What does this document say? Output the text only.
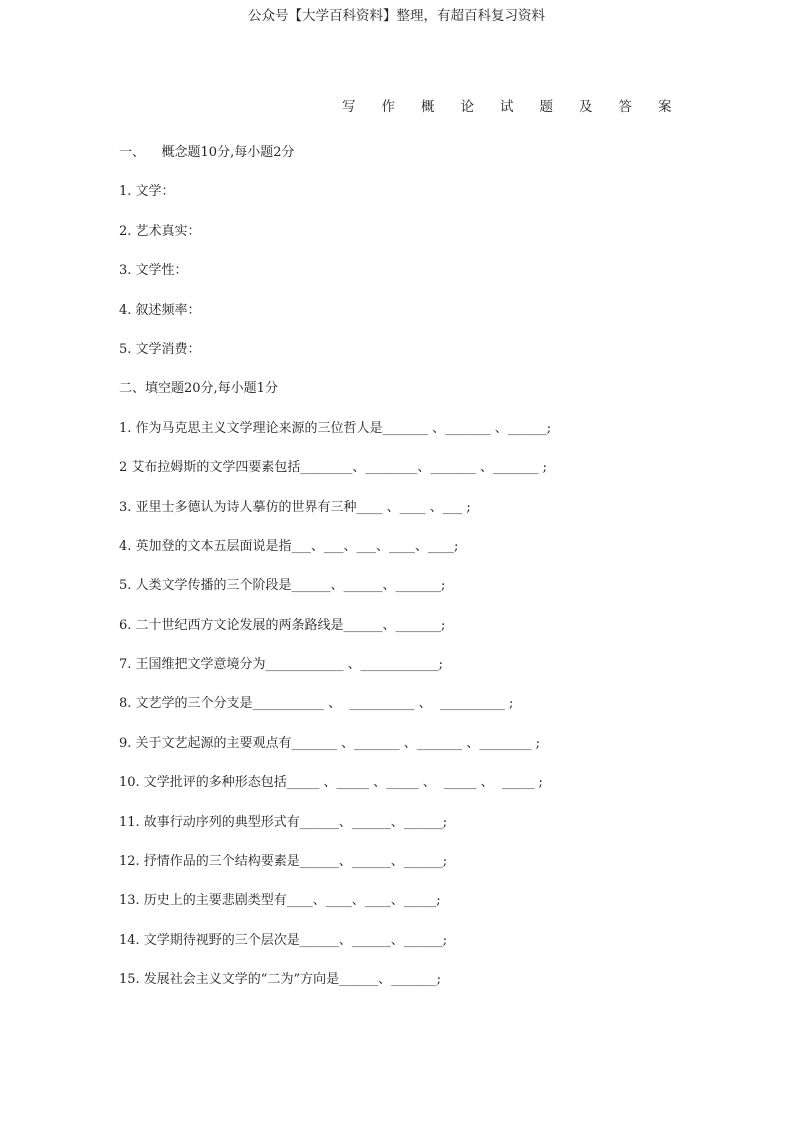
公众号【大学百科资料】整理，有超百科复习资料
写作概论试题及答案
一、    概念题10分,每小题2分
1. 文学：
2. 艺术真实：
3. 文学性：
4. 叙述频率：
5. 文学消费：
二、填空题20分,每小题1分
1. 作为马克思主义文学理论来源的三位哲人是_______ 、_______ 、______;
2 艾布拉姆斯的文学四要素包括________、________、_______ 、_______ ;
3. 亚里士多德认为诗人摹仿的世界有三种____ 、____ 、___ ;
4. 英加登的文本五层面说是指___、___、___、____、____;
5. 人类文学传播的三个阶段是______、______、_______;
6. 二十世纪西方文论发展的两条路线是______、_______;
7. 王国维把文学意境分为____________ 、____________;
8. 文艺学的三个分支是___________ 、  __________ 、  __________ ;
9. 关于文艺起源的主要观点有_______ 、_______ 、_______ 、________ ;
10. 文学批评的多种形态包括_____ 、_____ 、_____ 、  _____ 、  _____ ;
11. 故事行动序列的典型形式有______、______、______;
12. 抒情作品的三个结构要素是______、______、______;
13. 历史上的主要悲剧类型有____、____、____、_____;
14. 文学期待视野的三个层次是______、______、______;
15. 发展社会主义文学的“二为”方向是______、_______;
